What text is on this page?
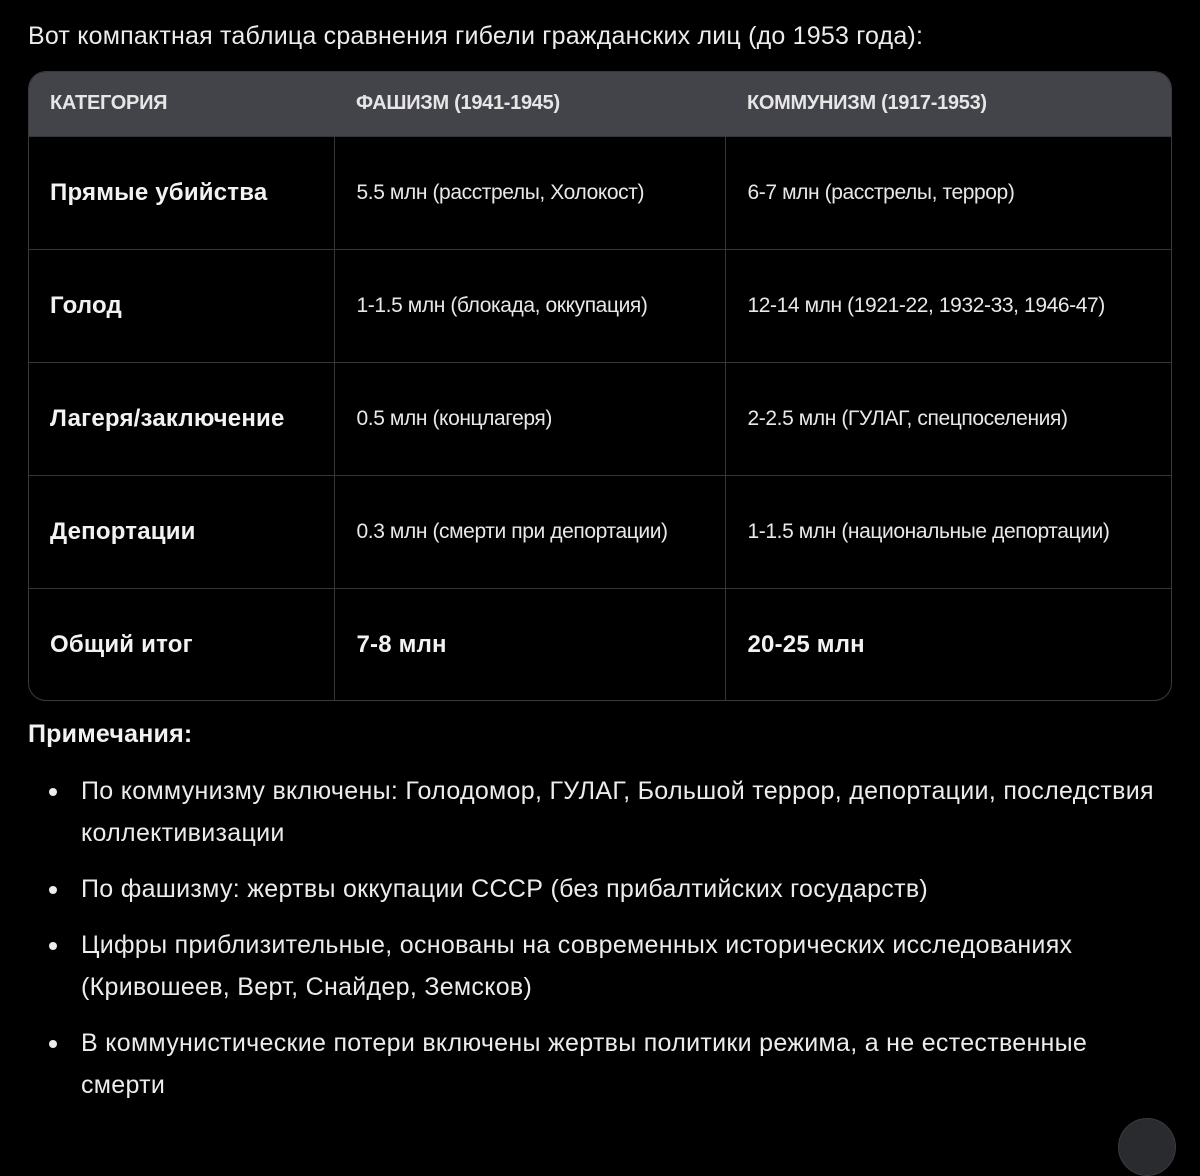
Вот компактная таблица сравнения гибели гражданских лиц (до 1953 года):
КАТЕГОРИЯ	ФАШИЗМ (1941-1945)	КОММУНИЗМ (1917-1953)
Прямые убийства	5.5 млн (расстрелы, Холокост)	6-7 млн (расстрелы, террор)
Голод	1-1.5 млн (блокада, оккупация)	12-14 млн (1921-22, 1932-33, 1946-47)
Лагеря/заключение	0.5 млн (концлагеря)	2-2.5 млн (ГУЛАГ, спецпоселения)
Депортации	0.3 млн (смерти при депортации)	1-1.5 млн (национальные депортации)
Общий итог	7-8 млн	20-25 млн
Примечания:
По коммунизму включены: Голодомор, ГУЛАГ, Большой террор, депортации, последствия коллективизации
По фашизму: жертвы оккупации СССР (без прибалтийских государств)
Цифры приблизительные, основаны на современных исторических исследованиях (Кривошеев, Верт, Снайдер, Земсков)
В коммунистические потери включены жертвы политики режима, а не естественные смерти
